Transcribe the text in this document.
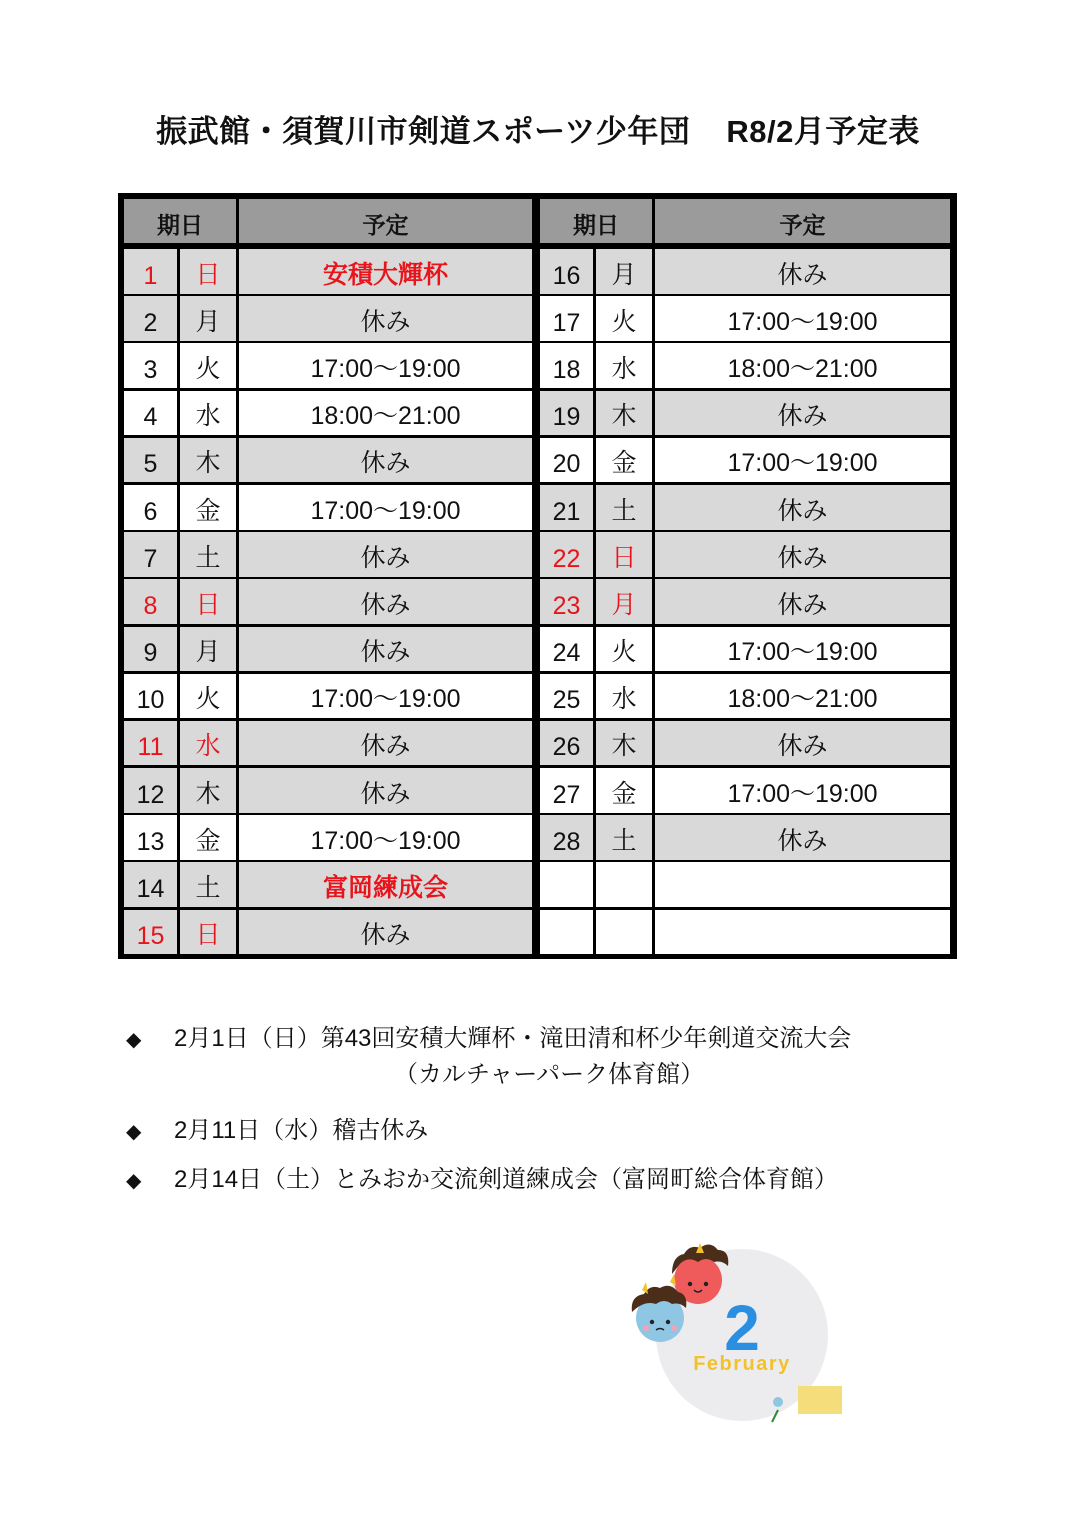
振武館・須賀川市剣道スポーツ少年団 R8/2月予定表
期日	予定
1 日	安積大輝杯
2 月	休み
3 火	17:00～19:00
4 水	18:00～21:00
5 木	休み
6 金	17:00～19:00
7 土	休み
8 日	休み
9 月	休み
10 火	17:00～19:00
11 水	休み
12 木	休み
13 金	17:00～19:00
14 土	富岡練成会
15 日	休み
期日	予定
16 月	休み
17 火	17:00～19:00
18 水	18:00～21:00
19 木	休み
20 金	17:00～19:00
21 土	休み
22 日	休み
23 月	休み
24 火	17:00～19:00
25 水	18:00～21:00
26 木	休み
27 金	17:00～19:00
28 土	休み
◆ 2月1日（日）第43回安積大輝杯・滝田清和杯少年剣道交流大会
（カルチャーパーク体育館）
◆ 2月11日（水）稽古休み
◆ 2月14日（土）とみおか交流剣道練成会（富岡町総合体育館）
2
February
